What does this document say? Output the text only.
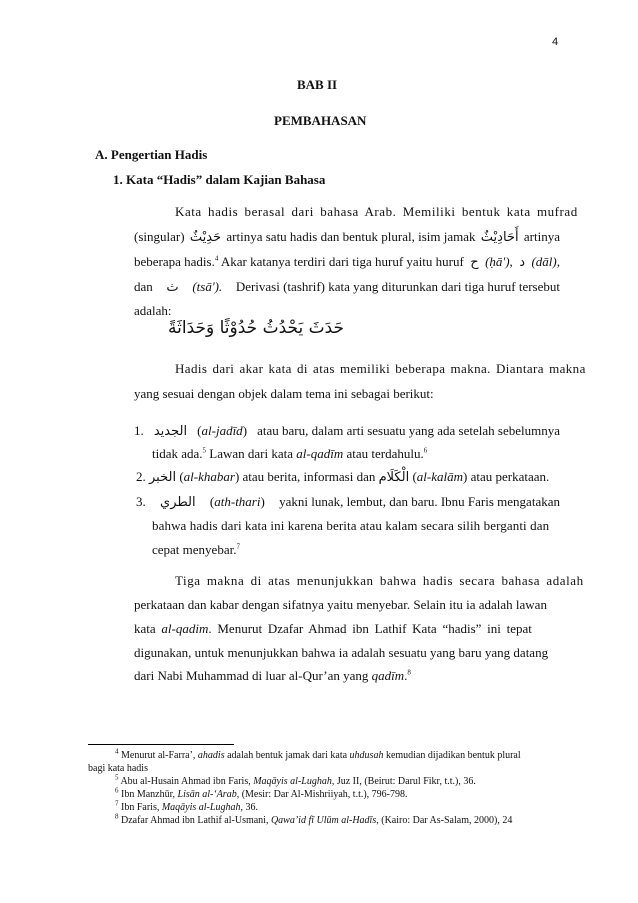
4
BAB II
PEMBAHASAN
A. Pengertian Hadis
1. Kata “Hadis” dalam Kajian Bahasa
Kata hadis berasal dari bahasa Arab. Memiliki bentuk kata mufrad
(singular) حَدِيْثٌ artinya satu hadis dan bentuk plural, isim jamak أَحَادِيْثٌ artinya
beberapa hadis.$^4$ Akar katanya terdiri dari tiga huruf yaitu huruf ح (ḥā'), د (dāl),
dan ث (tsā'). Derivasi (tashrif) kata yang diturunkan dari tiga huruf tersebut
adalah:
حَدَثَ يَحْدُثُ حُدُوْثًا وَحَدَاثَةً
Hadis dari akar kata di atas memiliki beberapa makna. Diantara makna
yang sesuai dengan objek dalam tema ini sebagai berikut:
1. الجديد (al-jadīd) atau baru, dalam arti sesuatu yang ada setelah sebelumnya
tidak ada.$^5$ Lawan dari kata al-qadīm atau terdahulu.$^6$
2. الخبر (al-khabar) atau berita, informasi dan الْكَلَام (al-kalām) atau perkataan.
3. الطري (ath-thari) yakni lunak, lembut, dan baru. Ibnu Faris mengatakan
bahwa hadis dari kata ini karena berita atau kalam secara silih berganti dan
cepat menyebar.$^7$
Tiga makna di atas menunjukkan bahwa hadis secara bahasa adalah
perkataan dan kabar dengan sifatnya yaitu menyebar. Selain itu ia adalah lawan
kata al-qadim. Menurut Dzafar Ahmad ibn Lathif Kata “hadis” ini tepat
digunakan, untuk menunjukkan bahwa ia adalah sesuatu yang baru yang datang
dari Nabi Muhammad di luar al-Qur’an yang qadīm.$^8$
$^4$ Menurut al-Farra’, ahadis adalah bentuk jamak dari kata uhdusah kemudian dijadikan bentuk plural
bagi kata hadis
$^5$ Abu al-Husain Ahmad ibn Faris, Maqāyis al-Lughah, Juz II, (Beirut: Darul Fikr, t.t.), 36.
$^6$ Ibn Manzhūr, Lisān al-‘Arab, (Mesir: Dar Al-Mishriiyah, t.t.), 796-798.
$^7$ Ibn Faris, Maqāyis al-Lughah, 36.
$^8$ Dzafar Ahmad ibn Lathif al-Usmani, Qawa’id fī Ulūm al-Hadīs, (Kairo: Dar As-Salam, 2000), 24
